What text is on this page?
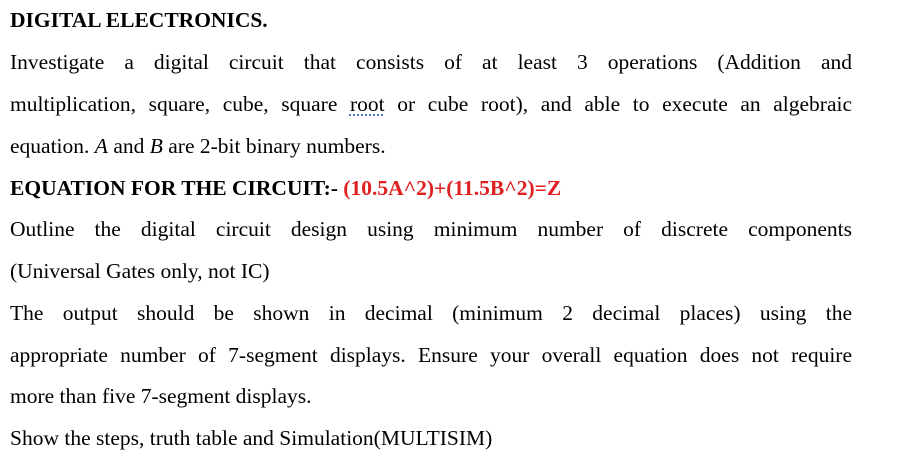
DIGITAL ELECTRONICS.
Investigate a digital circuit that consists of at least 3 operations (Addition and
multiplication, square, cube, square root or cube root), and able to execute an algebraic
equation. A and B are 2-bit binary numbers.
EQUATION FOR THE CIRCUIT:- (10.5A^2)+(11.5B^2)=Z
Outline the digital circuit design using minimum number of discrete components
(Universal Gates only, not IC)
The output should be shown in decimal (minimum 2 decimal places) using the
appropriate number of 7-segment displays. Ensure your overall equation does not require
more than five 7-segment displays.
Show the steps, truth table and Simulation(MULTISIM)
